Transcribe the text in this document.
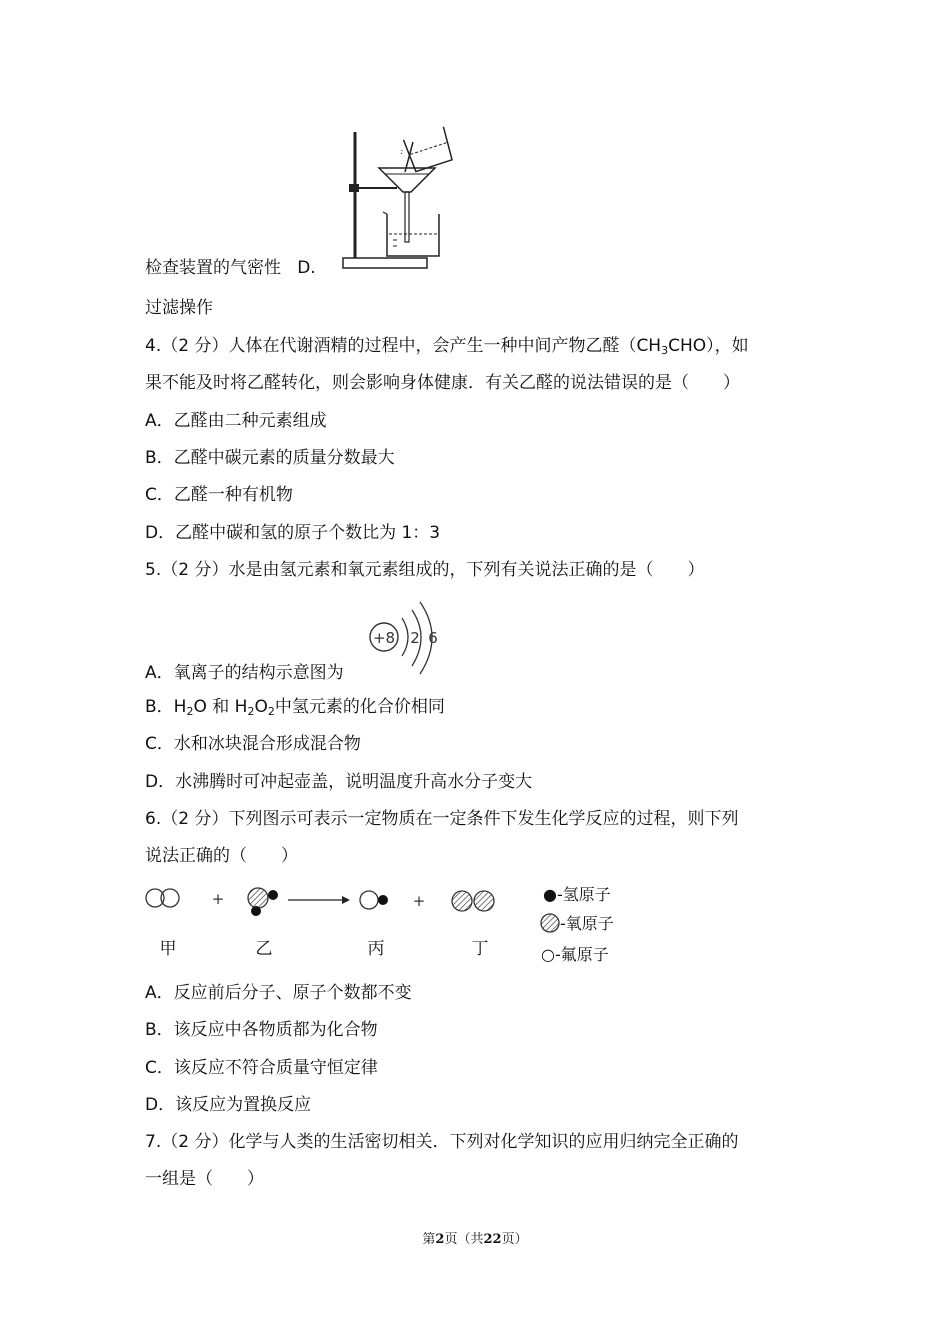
检查装置的气密性 D.
过滤操作
4.（2 分）人体在代谢酒精的过程中，会产生一种中间产物乙醛$(CH_3CHO)$，如
果不能及时将乙醛转化，则会影响身体健康．有关乙醛的说法错误的是（　　）
A．乙醛由二种元素组成
B．乙醛中碳元素的质量分数最大
C．乙醛一种有机物
D．乙醛中碳和氢的原子个数比为 1：3
5.（2 分）水是由氢元素和氧元素组成的，下列有关说法正确的是（　　）
+8 2 6
A．氧离子的结构示意图为
B．$H_2O$ 和 $H_2O_2$中氢元素的化合价相同
C．水和冰块混合形成混合物
D．水沸腾时可冲起壶盖，说明温度升高水分子变大
6.（2 分）下列图示可表示一定物质在一定条件下发生化学反应的过程，则下列
说法正确的（　　）
+	+
甲	乙	丙	丁
●-氢原子
-氧原子
○-氟原子
A．反应前后分子、原子个数都不变
B．该反应中各物质都为化合物
C．该反应不符合质量守恒定律
D．该反应为置换反应
7.（2 分）化学与人类的生活密切相关．下列对化学知识的应用归纳完全正确的
一组是（　　）
第2页（共22页）
